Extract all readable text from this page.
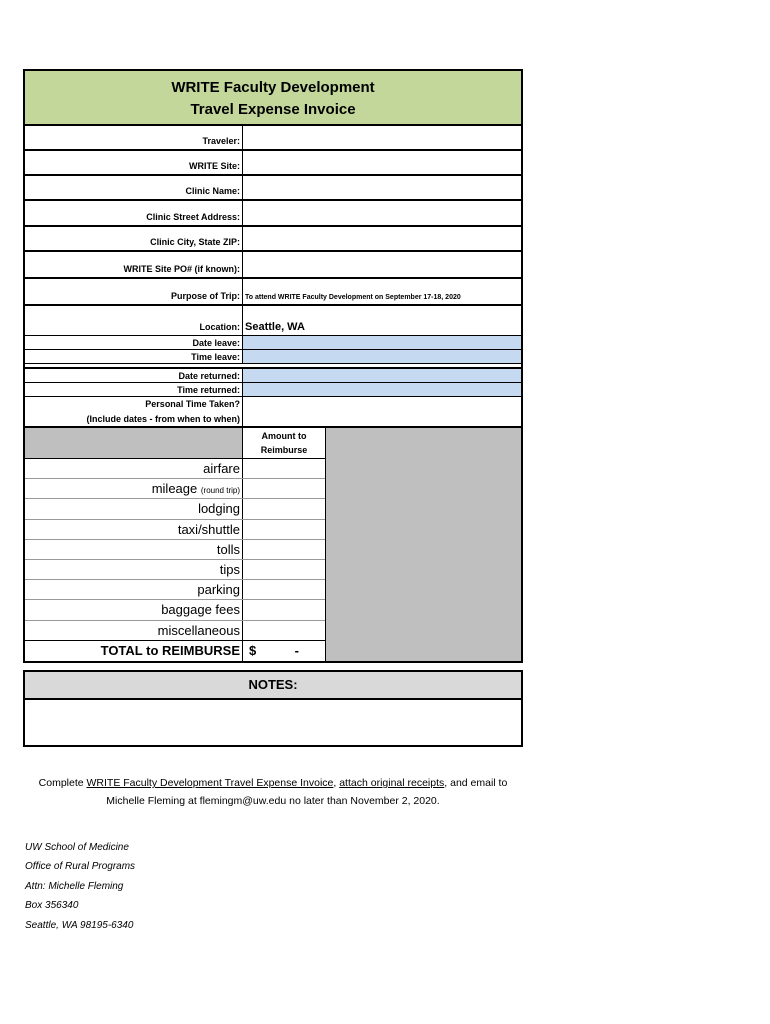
WRITE Faculty Development
Travel Expense Invoice
Traveler:
WRITE Site:
Clinic Name:
Clinic Street Address:
Clinic City, State ZIP:
WRITE Site PO# (if known):
Purpose of Trip: To attend WRITE Faculty Development on September 17-18, 2020
Location: Seattle, WA
Date leave:
Time leave:
Date returned:
Time returned:
Personal Time Taken?
(Include dates - from when to when)
Amount to
Reimburse
airfare
mileage (round trip)
lodging
taxi/shuttle
tolls
tips
parking
baggage fees
miscellaneous
TOTAL to REIMBURSE $	-
NOTES:
Complete WRITE Faculty Development Travel Expense Invoice, attach original receipts, and email to
Michelle Fleming at flemingm@uw.edu no later than November 2, 2020.
UW School of Medicine
Office of Rural Programs
Attn: Michelle Fleming
Box 356340
Seattle, WA 98195-6340
